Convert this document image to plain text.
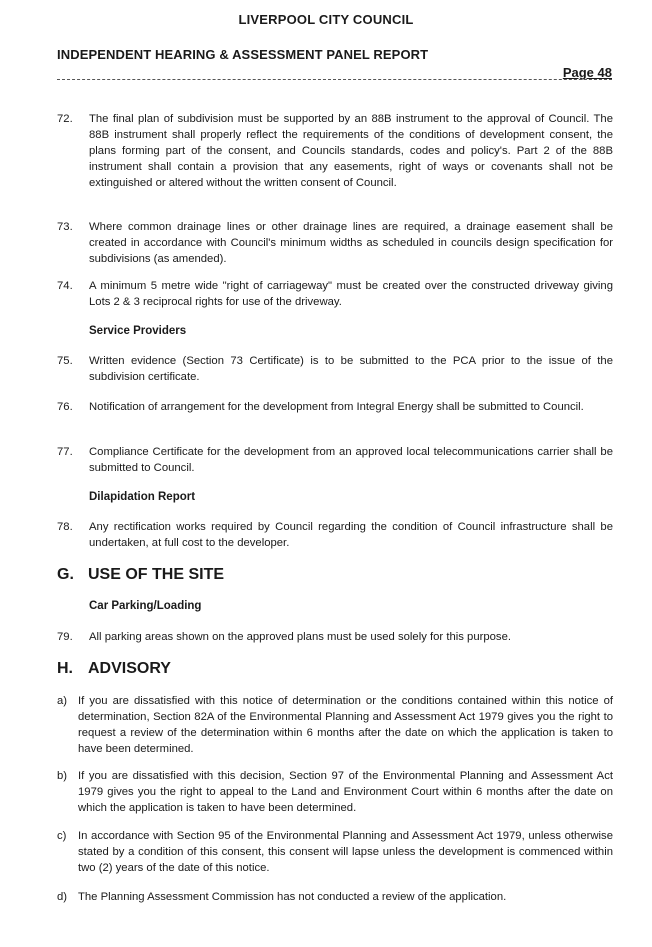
LIVERPOOL CITY COUNCIL
INDEPENDENT HEARING & ASSESSMENT PANEL REPORT
Page 48
72. The final plan of subdivision must be supported by an 88B instrument to the approval of Council. The 88B instrument shall properly reflect the requirements of the conditions of development consent, the plans forming part of the consent, and Councils standards, codes and policy's. Part 2 of the 88B instrument shall contain a provision that any easements, right of ways or covenants shall not be extinguished or altered without the written consent of Council.
73. Where common drainage lines or other drainage lines are required, a drainage easement shall be created in accordance with Council's minimum widths as scheduled in councils design specification for subdivisions (as amended).
74. A minimum 5 metre wide "right of carriageway" must be created over the constructed driveway giving Lots 2 & 3 reciprocal rights for use of the driveway.
Service Providers
75. Written evidence (Section 73 Certificate) is to be submitted to the PCA prior to the issue of the subdivision certificate.
76. Notification of arrangement for the development from Integral Energy shall be submitted to Council.
77. Compliance Certificate for the development from an approved local telecommunications carrier shall be submitted to Council.
Dilapidation Report
78. Any rectification works required by Council regarding the condition of Council infrastructure shall be undertaken, at full cost to the developer.
G. USE OF THE SITE
Car Parking/Loading
79. All parking areas shown on the approved plans must be used solely for this purpose.
H. ADVISORY
a) If you are dissatisfied with this notice of determination or the conditions contained within this notice of determination, Section 82A of the Environmental Planning and Assessment Act 1979 gives you the right to request a review of the determination within 6 months after the date on which the application is taken to have been determined.
b) If you are dissatisfied with this decision, Section 97 of the Environmental Planning and Assessment Act 1979 gives you the right to appeal to the Land and Environment Court within 6 months after the date on which the application is taken to have been determined.
c) In accordance with Section 95 of the Environmental Planning and Assessment Act 1979, unless otherwise stated by a condition of this consent, this consent will lapse unless the development is commenced within two (2) years of the date of this notice.
d) The Planning Assessment Commission has not conducted a review of the application.
